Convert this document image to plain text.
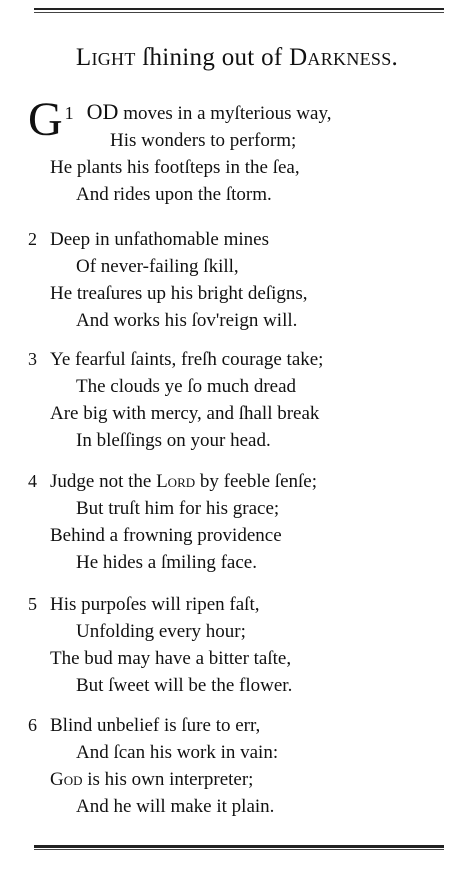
Light ſhining out of Darkness.
1
G OD moves in a myſterious way,
His wonders to perform;
He plants his footſteps in the ſea,
And rides upon the ſtorm.
2 Deep in unfathomable mines
Of never-failing ſkill,
He treaſures up his bright deſigns,
And works his ſov'reign will.
3 Ye fearful ſaints, freſh courage take;
The clouds ye ſo much dread
Are big with mercy, and ſhall break
In bleſſings on your head.
4 Judge not the Lord by feeble ſenſe;
But truſt him for his grace;
Behind a frowning providence
He hides a ſmiling face.
5 His purpoſes will ripen faſt,
Unfolding every hour;
The bud may have a bitter taſte,
But ſweet will be the flower.
6 Blind unbelief is ſure to err,
And ſcan his work in vain:
God is his own interpreter;
And he will make it plain.
